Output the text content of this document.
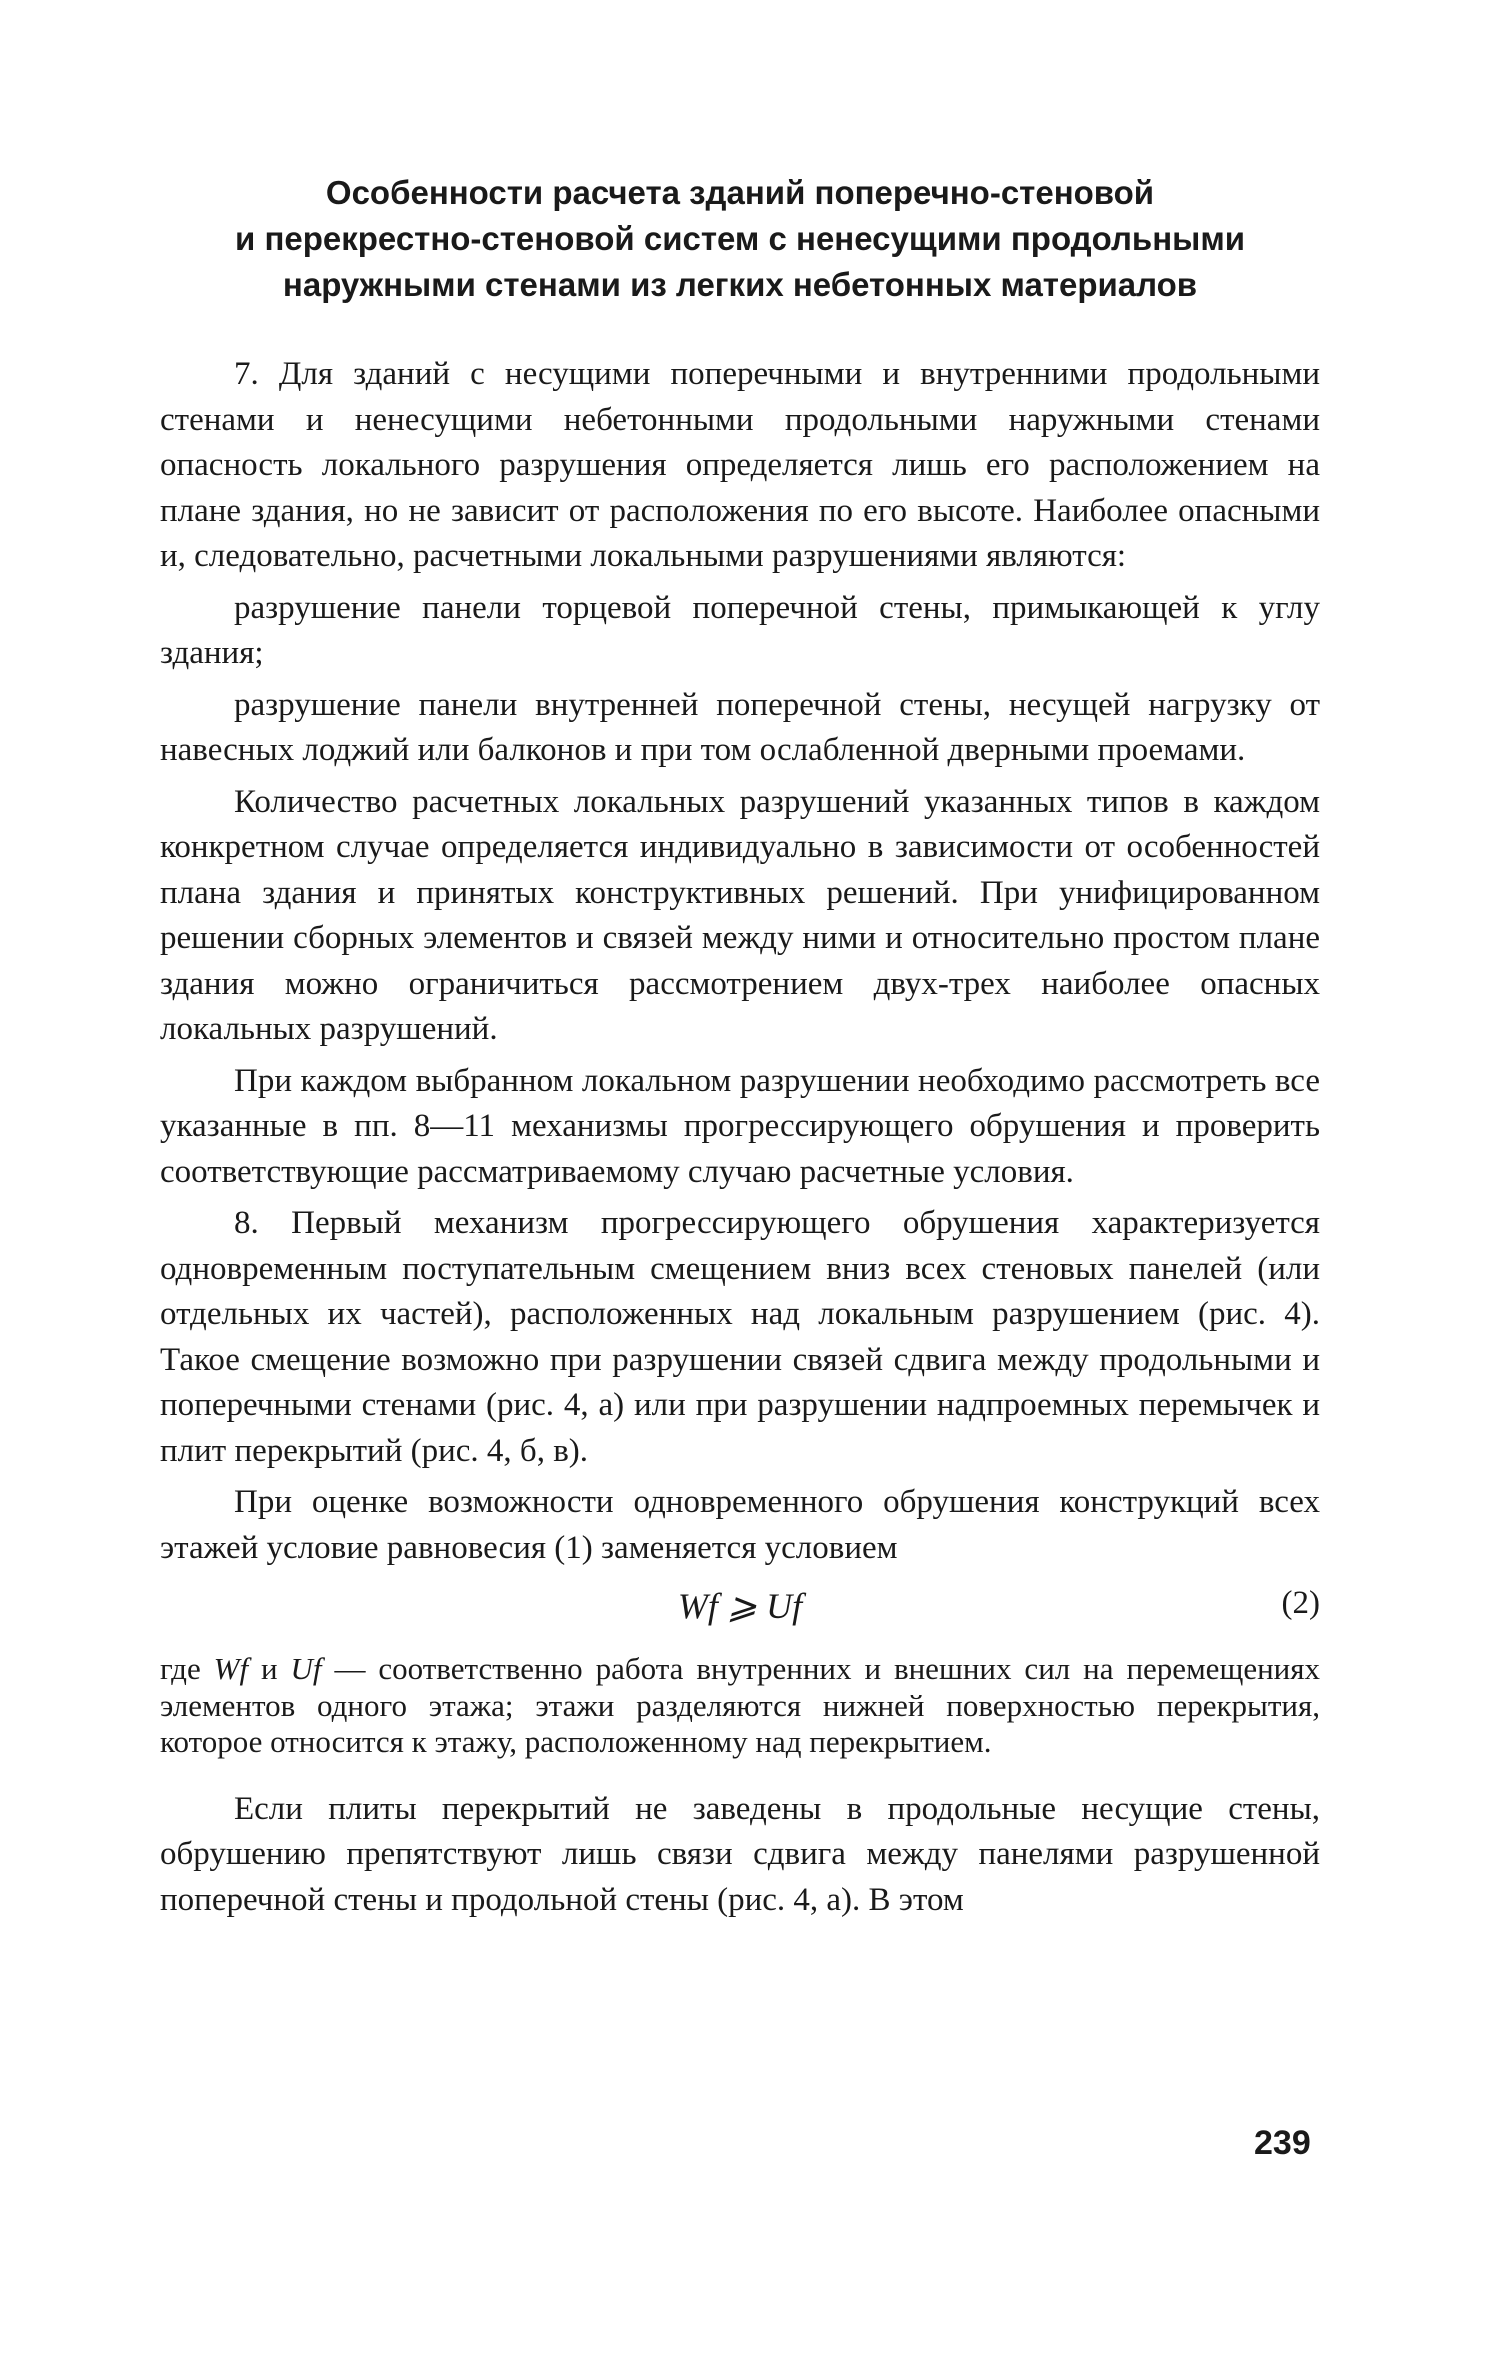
Особенности расчета зданий поперечно-стеновой
и перекрестно-стеновой систем с ненесущими продольными
наружными стенами из легких небетонных материалов

7. Для зданий с несущими поперечными и внутренними продольными стенами и ненесущими небетонными продольными наружными стенами опасность локального разрушения определяется лишь его расположением на плане здания, но не зависит от расположения по его высоте. Наиболее опасными и, следовательно, расчетными локальными разрушениями являются:

разрушение панели торцевой поперечной стены, примыкающей к углу здания;

разрушение панели внутренней поперечной стены, несущей нагрузку от навесных лоджий или балконов и при том ослабленной дверными проемами.

Количество расчетных локальных разрушений указанных типов в каждом конкретном случае определяется индивидуально в зависимости от особенностей плана здания и принятых конструктивных решений. При унифицированном решении сборных элементов и связей между ними и относительно простом плане здания можно ограничиться рассмотрением двух-трех наиболее опасных локальных разрушений.

При каждом выбранном локальном разрушении необходимо рассмотреть все указанные в пп. 8—11 механизмы прогрессирующего обрушения и проверить соответствующие рассматриваемому случаю расчетные условия.

8. Первый механизм прогрессирующего обрушения характеризуется одновременным поступательным смещением вниз всех стеновых панелей (или отдельных их частей), расположенных над локальным разрушением (рис. 4). Такое смещение возможно при разрушении связей сдвига между продольными и поперечными стенами (рис. 4, а) или при разрушении надпроемных перемычек и плит перекрытий (рис. 4, б, в).

При оценке возможности одновременного обрушения конструкций всех этажей условие равновесия (1) заменяется условием

Wf ⩾ Uf	(2)

где Wf и Uf — соответственно работа внутренних и внешних сил на перемещениях элементов одного этажа; этажи разделяются нижней поверхностью перекрытия, которое относится к этажу, расположенному над перекрытием.

Если плиты перекрытий не заведены в продольные несущие стены, обрушению препятствуют лишь связи сдвига между панелями разрушенной поперечной стены и продольной стены (рис. 4, а). В этом

239
